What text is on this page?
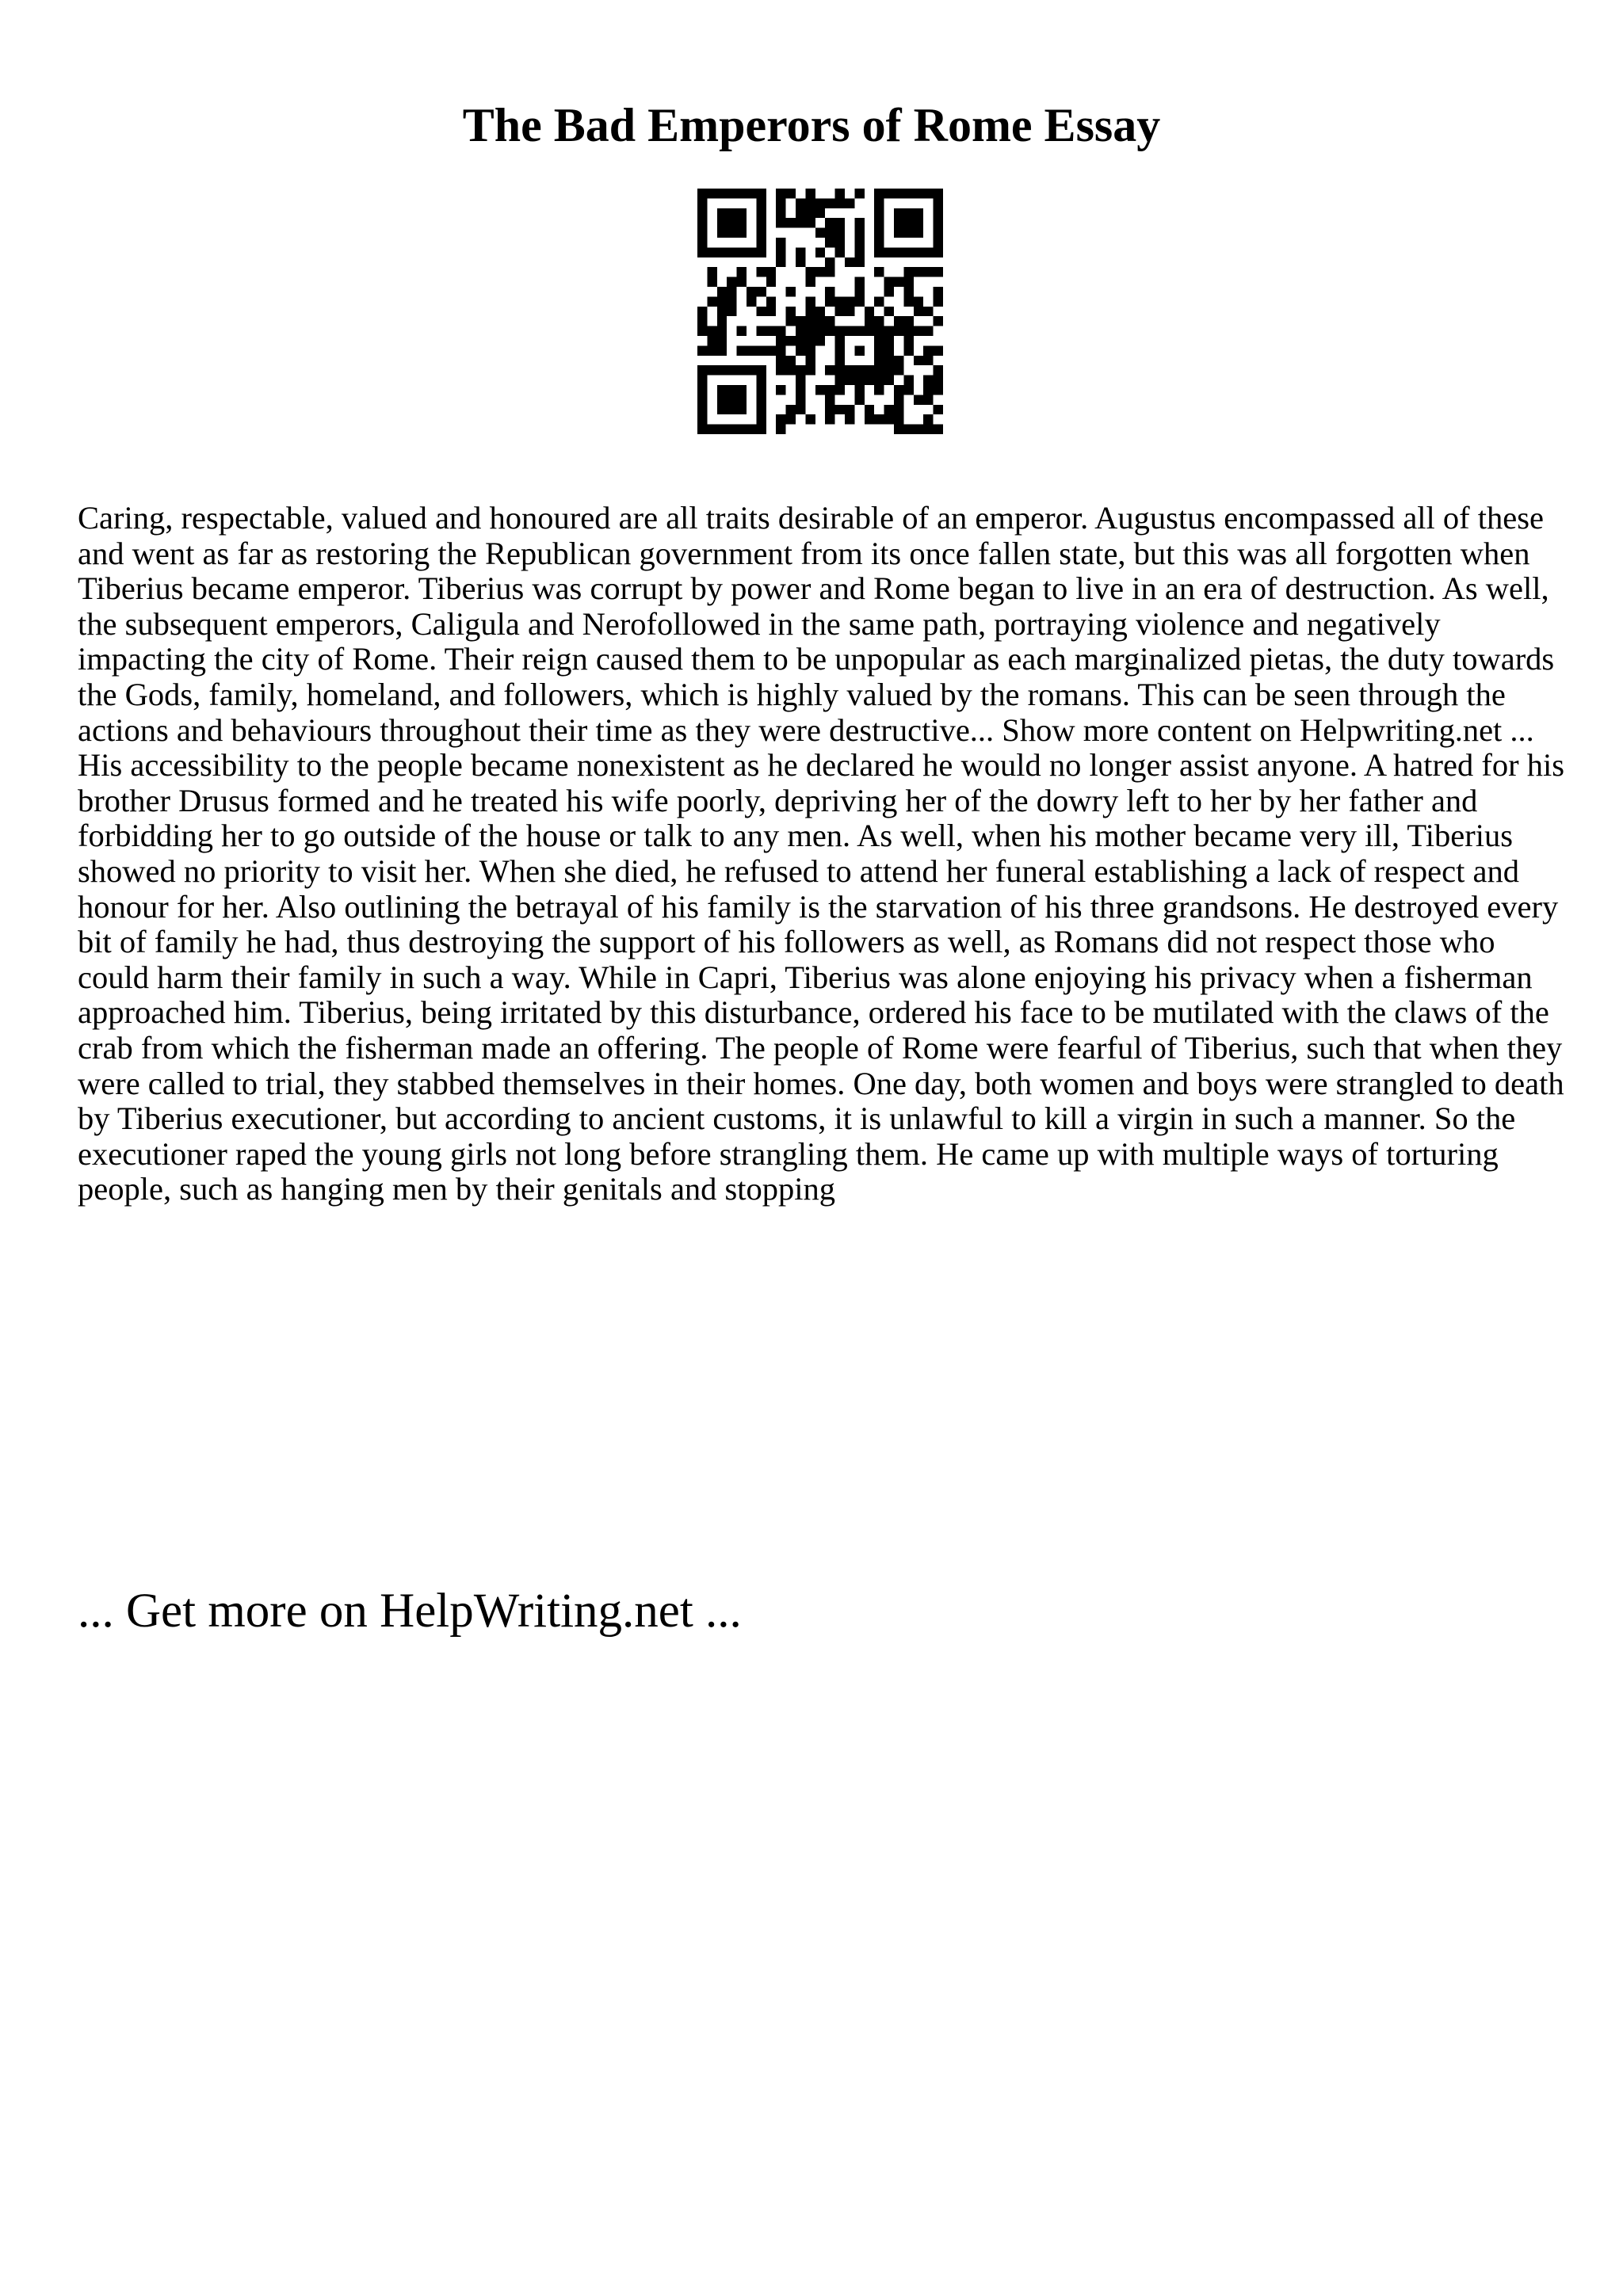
The Bad Emperors of Rome Essay

Caring, respectable, valued and honoured are all traits desirable of an emperor. Augustus encompassed all of these and went as far as restoring the Republican government from its once fallen state, but this was all forgotten when Tiberius became emperor. Tiberius was corrupt by power and Rome began to live in an era of destruction. As well, the subsequent emperors, Caligula and Nerofollowed in the same path, portraying violence and negatively impacting the city of Rome. Their reign caused them to be unpopular as each marginalized pietas, the duty towards the Gods, family, homeland, and followers, which is highly valued by the romans. This can be seen through the actions and behaviours throughout their time as they were destructive... Show more content on Helpwriting.net ...

His accessibility to the people became nonexistent as he declared he would no longer assist anyone. A hatred for his brother Drusus formed and he treated his wife poorly, depriving her of the dowry left to her by her father and forbidding her to go outside of the house or talk to any men. As well, when his mother became very ill, Tiberius showed no priority to visit her. When she died, he refused to attend her funeral establishing a lack of respect and honour for her. Also outlining the betrayal of his family is the starvation of his three grandsons. He destroyed every bit of family he had, thus destroying the support of his followers as well, as Romans did not respect those who could harm their family in such a way. While in Capri, Tiberius was alone enjoying his privacy when a fisherman approached him. Tiberius, being irritated by this disturbance, ordered his face to be mutilated with the claws of the crab from which the fisherman made an offering. The people of Rome were fearful of Tiberius, such that when they were called to trial, they stabbed themselves in their homes. One day, both women and boys were strangled to death by Tiberius executioner, but according to ancient customs, it is unlawful to kill a virgin in such a manner. So the executioner raped the young girls not long before strangling them. He came up with multiple ways of torturing people, such as hanging men by their genitals and stopping

... Get more on HelpWriting.net ...
